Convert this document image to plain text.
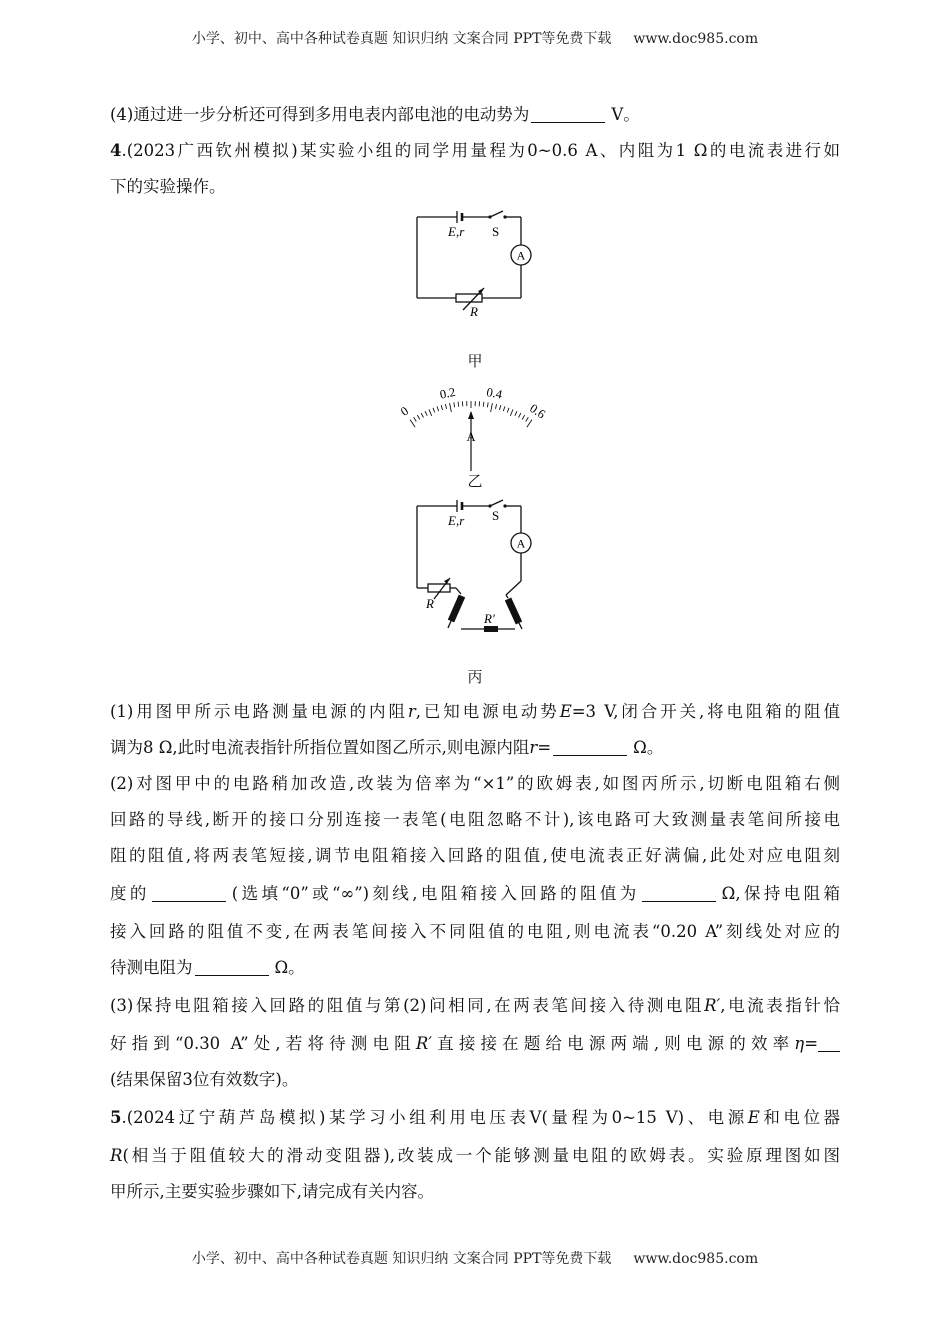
小学、初中、高中各种试卷真题 知识归纳 文案合同 PPT等免费下载 www.doc985.com
(4)通过进一步分析还可得到多用电表内部电池的电动势为	V。
4.(2023广西钦州模拟)某实验小组的同学用量程为0~0.6 A、内阻为1 Ω的电流表进行如
下的实验操作。
A
E,r S
R
甲
0
0.2 0.4
0.6
A
乙
A
E,r S
R
R′
丙
(1)用图甲所示电路测量电源的内阻r,已知电源电动势E=3 V,闭合开关,将电阻箱的阻值
调为8 Ω,此时电流表指针所指位置如图乙所示,则电源内阻r=	Ω。
(2)对图甲中的电路稍加改造,改装为倍率为“×1”的欧姆表,如图丙所示,切断电阻箱右侧
回路的导线,断开的接口分别连接一表笔(电阻忽略不计),该电路可大致测量表笔间所接电
阻的阻值,将两表笔短接,调节电阻箱接入回路的阻值,使电流表正好满偏,此处对应电阻刻
度的	(选填“0”或“∞”)刻线,电阻箱接入回路的阻值为	Ω,保持电阻箱
接入回路的阻值不变,在两表笔间接入不同阻值的电阻,则电流表“0.20 A”刻线处对应的
待测电阻为	Ω。
(3)保持电阻箱接入回路的阻值与第(2)问相同,在两表笔间接入待测电阻R′,电流表指针恰
好指到“0.30 A”处,若将待测电阻R′直接接在题给电源两端,则电源的效率η=
(结果保留3位有效数字)。
5.(2024辽宁葫芦岛模拟)某学习小组利用电压表V(量程为0~15 V)、电源E和电位器
R(相当于阻值较大的滑动变阻器),改装成一个能够测量电阻的欧姆表。实验原理图如图
甲所示,主要实验步骤如下,请完成有关内容。
小学、初中、高中各种试卷真题 知识归纳 文案合同 PPT等免费下载 www.doc985.com
